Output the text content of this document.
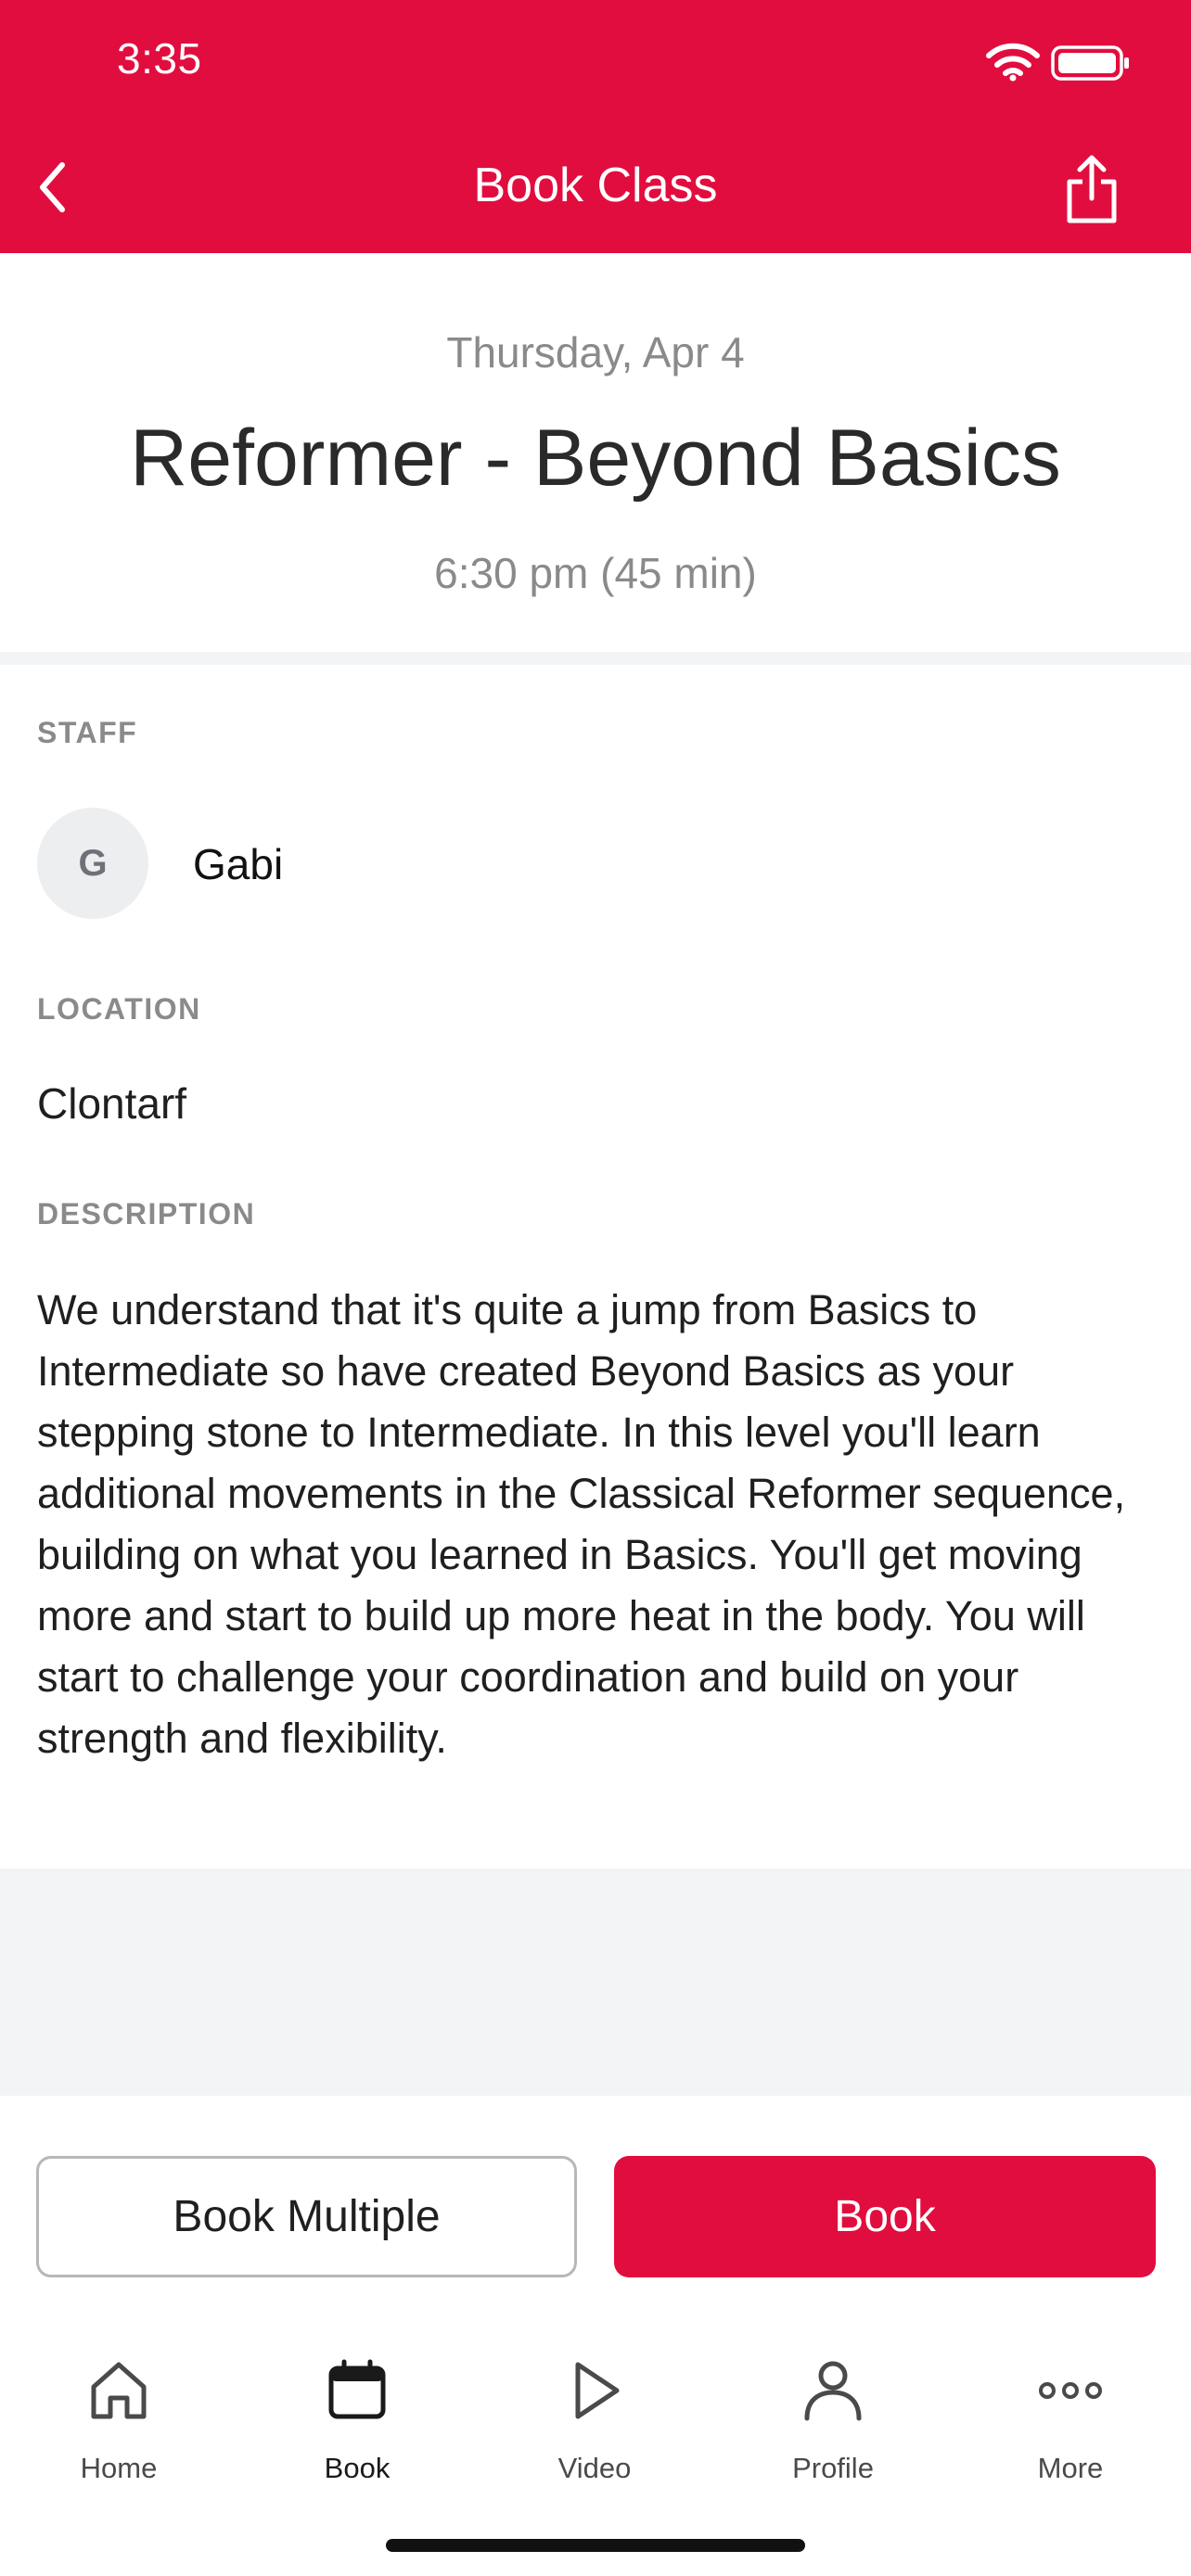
3:35
Book Class
Thursday, Apr 4
Reformer - Beyond Basics
6:30 pm (45 min)
STAFF
G	Gabi
LOCATION
Clontarf
DESCRIPTION
We understand that it's quite a jump from Basics to Intermediate so have created Beyond Basics as your stepping stone to Intermediate. In this level you'll learn additional movements in the Classical Reformer sequence, building on what you learned in Basics. You'll get moving more and start to build up more heat in the body. You will start to challenge your coordination and build on your strength and flexibility.
Book Multiple	Book
Home	Book	Video	Profile	More
